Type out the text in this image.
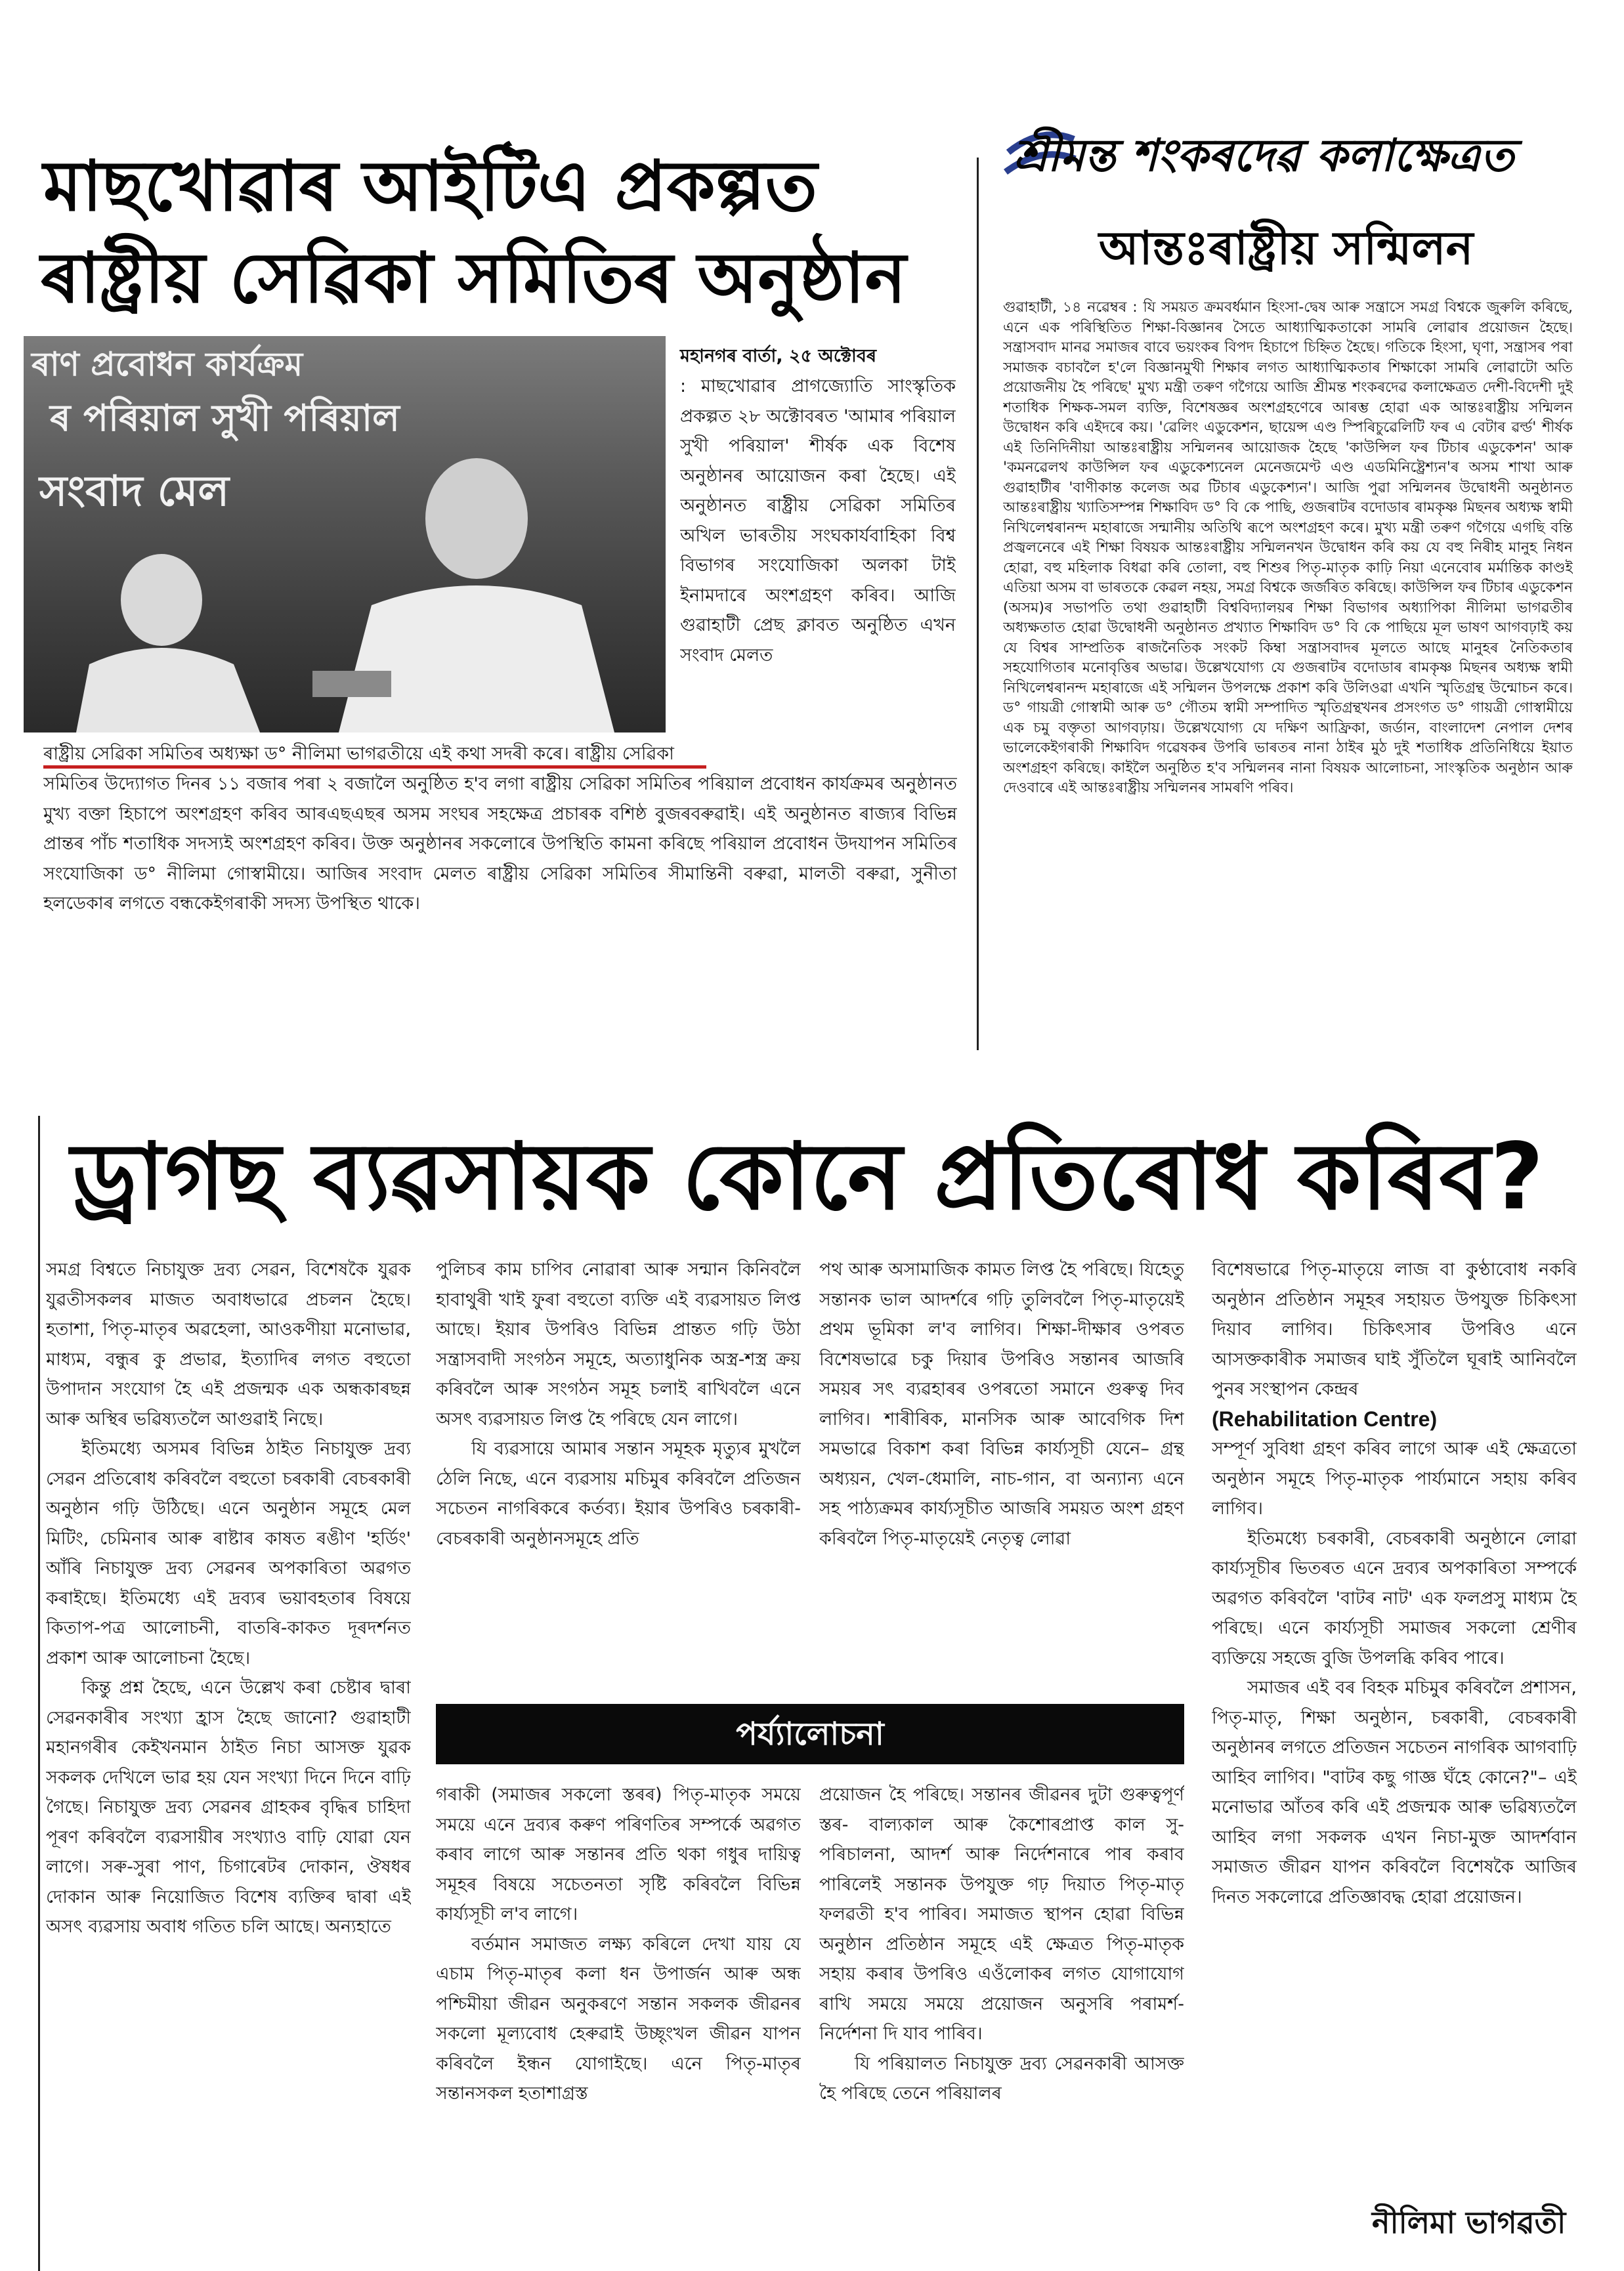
মাছখোৱাৰ আইটিএ প্ৰকল্পত
ৰাষ্ট্ৰীয় সেৱিকা সমিতিৰ অনুষ্ঠান
ৰাণ প্ৰবোধন কাৰ্যক্ৰম
ৰ পৰিয়াল সুখী পৰিয়াল
সংবাদ মেল
মহানগৰ বাৰ্তা, ২৫ অক্টোবৰ

: মাছখোৱাৰ প্ৰাগজ্যোতি সাংস্কৃতিক প্ৰকল্পত ২৮ অক্টোবৰত 'আমাৰ পৰিয়াল সুখী পৰিয়াল' শীৰ্ষক এক বিশেষ অনুষ্ঠানৰ আয়োজন কৰা হৈছে। এই অনুষ্ঠানত ৰাষ্ট্ৰীয় সেৱিকা সমিতিৰ অখিল ভাৰতীয় সংঘকাৰ্যবাহিকা বিশ্ব বিভাগৰ সংযোজিকা অলকা টাই ইনামদাৰে অংশগ্ৰহণ কৰিব। আজি গুৱাহাটী প্ৰেছ ক্লাবত অনুষ্ঠিত এখন সংবাদ মেলত

ৰাষ্ট্ৰীয় সেৱিকা সমিতিৰ অধ্যক্ষা ড° নীলিমা ভাগৱতীয়ে এই কথা সদৰী কৰে। ৰাষ্ট্ৰীয় সেৱিকা

সমিতিৰ উদ্যোগত দিনৰ ১১ বজাৰ পৰা ২ বজালৈ অনুষ্ঠিত হ'ব লগা ৰাষ্ট্ৰীয় সেৱিকা সমিতিৰ পৰিয়াল প্ৰবোধন কাৰ্যক্ৰমৰ অনুষ্ঠানত মুখ্য বক্তা হিচাপে অংশগ্ৰহণ কৰিব আৰএছএছৰ অসম সংঘৰ সহক্ষেত্ৰ প্ৰচাৰক বশিষ্ঠ বুজৰবৰুৱাই। এই অনুষ্ঠানত ৰাজ্যৰ বিভিন্ন প্ৰান্তৰ পাঁচ শতাধিক সদস্যই অংশগ্ৰহণ কৰিব। উক্ত অনুষ্ঠানৰ সকলোৰে উপস্থিতি কামনা কৰিছে পৰিয়াল প্ৰবোধন উদযাপন সমিতিৰ সংযোজিকা ড° নীলিমা গোস্বামীয়ে। আজিৰ সংবাদ মেলত ৰাষ্ট্ৰীয় সেৱিকা সমিতিৰ সীমান্তিনী বৰুৱা, মালতী বৰুৱা, সুনীতা হলডেকাৰ লগতে বন্ধকেইগৰাকী সদস্য উপস্থিত থাকে।

শ্ৰীমন্ত শংকৰদেৱ কলাক্ষেত্ৰত
আন্তঃৰাষ্ট্ৰীয় সন্মিলন

গুৱাহাটী, ১৪ নৱেম্বৰ : যি সময়ত ক্ৰমবৰ্ধমান হিংসা-দ্বেষ আৰু সন্ত্ৰাসে সমগ্ৰ বিশ্বকে জুৰুলি কৰিছে, এনে এক পৰিস্থিতিত শিক্ষা-বিজ্ঞানৰ সৈতে আধ্যাত্মিকতাকো সামৰি লোৱাৰ প্ৰয়োজন হৈছে। সন্ত্ৰাসবাদ মানৱ সমাজৰ বাবে ভয়ংকৰ বিপদ হিচাপে চিহ্নিত হৈছে। গতিকে হিংসা, ঘৃণা, সন্ত্ৰাসৰ পৰা সমাজক বচাবলৈ হ'লে বিজ্ঞানমুখী শিক্ষাৰ লগত আধ্যাত্মিকতাৰ শিক্ষাকো সামৰি লোৱাটো অতি প্ৰয়োজনীয় হৈ পৰিছে' মুখ্য মন্ত্ৰী তৰুণ গগৈয়ে আজি শ্ৰীমন্ত শংকৰদেৱ কলাক্ষেত্ৰত দেশী-বিদেশী দুই শতাধিক শিক্ষক-সমল ব্যক্তি, বিশেষজ্ঞৰ অংশগ্ৰহণেৰে আৰম্ভ হোৱা এক আন্তঃৰাষ্ট্ৰীয় সন্মিলন উদ্বোধন কৰি এইদৰে কয়। 'ৱেলিং এডুকেশন, ছায়েন্স এণ্ড স্পিৰিচুৱেলিটি ফৰ এ বেটাৰ ৱৰ্ল্ড' শীৰ্ষক এই তিনিদিনীয়া আন্তঃৰাষ্ট্ৰীয় সন্মিলনৰ আয়োজক হৈছে 'কাউন্সিল ফৰ টিচাৰ এডুকেশন' আৰু 'কমনৱেলথ কাউন্সিল ফৰ এডুকেশ্যনেল মেনেজমেণ্ট এণ্ড এডমিনিষ্ট্ৰেশ্যন'ৰ অসম শাখা আৰু গুৱাহাটীৰ 'বাণীকান্ত কলেজ অৱ টিচাৰ এডুকেশ্যন'। আজি পুৱা সন্মিলনৰ উদ্বোধনী অনুষ্ঠানত আন্তঃৰাষ্ট্ৰীয় খ্যাতিসম্পন্ন শিক্ষাবিদ ড° বি কে পাছি, গুজৰাটৰ বদোডাৰ ৰামকৃষ্ণ মিছনৰ অধ্যক্ষ স্বামী নিখিলেশ্বৰানন্দ মহাৰাজে সন্মানীয় অতিথি ৰূপে অংশগ্ৰহণ কৰে। মুখ্য মন্ত্ৰী তৰুণ গগৈয়ে এগছি বন্তি প্ৰজ্বলনেৰে এই শিক্ষা বিষয়ক আন্তঃৰাষ্ট্ৰীয় সন্মিলনখন উদ্বোধন কৰি কয় যে বহু নিৰীহ মানুহ নিধন হোৱা, বহু মহিলাক বিধৱা কৰি তোলা, বহু শিশুৰ পিতৃ-মাতৃক কাঢ়ি নিয়া এনেবোৰ মৰ্মান্তিক কাণ্ডই এতিয়া অসম বা ভাৰতকে কেৱল নহয়, সমগ্ৰ বিশ্বকে জৰ্জৰিত কৰিছে। কাউন্সিল ফৰ টিচাৰ এডুকেশন (অসম)ৰ সভাপতি তথা গুৱাহাটী বিশ্ববিদ্যালয়ৰ শিক্ষা বিভাগৰ অধ্যাপিকা নীলিমা ভাগৱতীৰ অধ্যক্ষতাত হোৱা উদ্বোধনী অনুষ্ঠানত প্ৰখ্যাত শিক্ষাবিদ ড° বি কে পাছিয়ে মূল ভাষণ আগবঢ়াই কয় যে বিশ্বৰ সাম্প্ৰতিক ৰাজনৈতিক সংকট কিম্বা সন্ত্ৰাসবাদৰ মূলতে আছে মানুহৰ নৈতিকতাৰ সহযোগিতাৰ মনোবৃত্তিৰ অভাৱ। উল্লেখযোগ্য যে গুজৰাটৰ বদোডাৰ ৰামকৃষ্ণ মিছনৰ অধ্যক্ষ স্বামী নিখিলেশ্বৰানন্দ মহাৰাজে এই সন্মিলন উপলক্ষে প্ৰকাশ কৰি উলিওৱা এখনি স্মৃতিগ্ৰন্থ উন্মোচন কৰে। ড° গায়ত্ৰী গোস্বামী আৰু ড° গৌতম স্বামী সম্পাদিত স্মৃতিগ্ৰন্থখনৰ প্ৰসংগত ড° গায়ত্ৰী গোস্বামীয়ে এক চমু বক্তৃতা আগবঢ়ায়। উল্লেখযোগ্য যে দক্ষিণ আফ্ৰিকা, জৰ্ডান, বাংলাদেশ নেপাল দেশৰ ভালেকেইগৰাকী শিক্ষাবিদ গৱেষকৰ উপৰি ভাৰতৰ নানা ঠাইৰ মুঠ দুই শতাধিক প্ৰতিনিধিয়ে ইয়াত অংশগ্ৰহণ কৰিছে। কাইলৈ অনুষ্ঠিত হ'ব সন্মিলনৰ নানা বিষয়ক আলোচনা, সাংস্কৃতিক অনুষ্ঠান আৰু দেওবাৰে এই আন্তঃৰাষ্ট্ৰীয় সন্মিলনৰ সামৰণি পৰিব।

ড্ৰাগছ ব্যৱসায়ক কোনে প্ৰতিৰোধ কৰিব?

সমগ্ৰ বিশ্বতে নিচাযুক্ত দ্ৰব্য সেৱন, বিশেষকৈ যুৱক যুৱতীসকলৰ মাজত অবাধভাৱে প্ৰচলন হৈছে। হতাশা, পিতৃ-মাতৃৰ অৱহেলা, আওকণীয়া মনোভাৱ, মাধ্যম, বন্ধুৰ কু প্ৰভাৱ, ইত্যাদিৰ লগত বহুতো উপাদান সংযোগ হৈ এই প্ৰজন্মক এক অন্ধকাৰছন্ন আৰু অস্থিৰ ভৱিষ্যতলৈ আগুৱাই নিছে।

ইতিমধ্যে অসমৰ বিভিন্ন ঠাইত নিচাযুক্ত দ্ৰব্য সেৱন প্ৰতিৰোধ কৰিবলৈ বহুতো চৰকাৰী বেচৰকাৰী অনুষ্ঠান গঢ়ি উঠিছে। এনে অনুষ্ঠান সমূহে মেল মিটিং, চেমিনাৰ আৰু ৰাষ্টাৰ কাষত ৰঙীণ 'হৰ্ডিং' আঁৰি নিচাযুক্ত দ্ৰব্য সেৱনৰ অপকাৰিতা অৱগত কৰাইছে। ইতিমধ্যে এই দ্ৰব্যৰ ভয়াবহতাৰ বিষয়ে কিতাপ-পত্ৰ আলোচনী, বাতৰি-কাকত দূৰদৰ্শনত প্ৰকাশ আৰু আলোচনা হৈছে।

কিন্তু প্ৰশ্ন হৈছে, এনে উল্লেখ কৰা চেষ্টাৰ দ্বাৰা সেৱনকাৰীৰ সংখ্যা হ্ৰাস হৈছে জানো? গুৱাহাটী মহানগৰীৰ কেইখনমান ঠাইত নিচা আসক্ত যুৱক সকলক দেখিলে ভাৱ হয় যেন সংখ্যা দিনে দিনে বাঢ়ি গৈছে। নিচাযুক্ত দ্ৰব্য সেৱনৰ গ্ৰাহকৰ বৃদ্ধিৰ চাহিদা পূৰণ কৰিবলৈ ব্যৱসায়ীৰ সংখ্যাও বাঢ়ি যোৱা যেন লাগে। সৰু-সুৰা পাণ, চিগাৰেটৰ দোকান, ঔষধৰ দোকান আৰু নিয়োজিত বিশেষ ব্যক্তিৰ দ্বাৰা এই অসৎ ব্যৱসায় অবাধ গতিত চলি আছে। অন্যহাতে

পুলিচৰ কাম চাপিব নোৱাৰা আৰু সন্মান কিনিবলৈ হাবাথুৰী খাই ফুৰা বহুতো ব্যক্তি এই ব্যৱসায়ত লিপ্ত আছে। ইয়াৰ উপৰিও বিভিন্ন প্ৰান্তত গঢ়ি উঠা সন্ত্ৰাসবাদী সংগঠন সমূহে, অত্যাধুনিক অস্ত্ৰ-শস্ত্ৰ ক্ৰয় কৰিবলৈ আৰু সংগঠন সমূহ চলাই ৰাখিবলৈ এনে অসৎ ব্যৱসায়ত লিপ্ত হৈ পৰিছে যেন লাগে।

যি ব্যৱসায়ে আমাৰ সন্তান সমূহক মৃত্যুৰ মুখলৈ ঠেলি নিছে, এনে ব্যৱসায় মচিমুৰ কৰিবলৈ প্ৰতিজন সচেতন নাগৰিকৰে কৰ্তব্য। ইয়াৰ উপৰিও চৰকাৰী-বেচৰকাৰী অনুষ্ঠানসমূহে প্ৰতি

পথ আৰু অসামাজিক কামত লিপ্ত হৈ পৰিছে। যিহেতু সন্তানক ভাল আদৰ্শৰে গঢ়ি তুলিবলৈ পিতৃ-মাতৃয়েই প্ৰথম ভূমিকা ল'ব লাগিব। শিক্ষা-দীক্ষাৰ ওপৰত বিশেষভাৱে চকু দিয়াৰ উপৰিও সন্তানৰ আজৰি সময়ৰ সৎ ব্যৱহাৰৰ ওপৰতো সমানে গুৰুত্ব দিব লাগিব। শাৰীৰিক, মানসিক আৰু আবেগিক দিশ সমভাৱে বিকাশ কৰা বিভিন্ন কাৰ্য্যসূচী যেনে– গ্ৰন্থ অধ্যয়ন, খেল-ধেমালি, নাচ-গান, বা অন্যান্য এনে সহ পাঠ্যক্ৰমৰ কাৰ্য্যসূচীত আজৰি সময়ত অংশ গ্ৰহণ কৰিবলৈ পিতৃ-মাতৃয়েই নেতৃত্ব লোৱা

পৰ্য্যালোচনা

গৰাকী (সমাজৰ সকলো স্তৰৰ) পিতৃ-মাতৃক সময়ে সময়ে এনে দ্ৰব্যৰ কৰুণ পৰিণতিৰ সম্পৰ্কে অৱগত কৰাব লাগে আৰু সন্তানৰ প্ৰতি থকা গধুৰ দায়িত্ব সমূহৰ বিষয়ে সচেতনতা সৃষ্টি কৰিবলৈ বিভিন্ন কাৰ্য্যসূচী ল'ব লাগে।

বৰ্তমান সমাজত লক্ষ্য কৰিলে দেখা যায় যে এচাম পিতৃ-মাতৃৰ কলা ধন উপাৰ্জন আৰু অন্ধ পশ্চিমীয়া জীৱন অনুকৰণে সন্তান সকলক জীৱনৰ সকলো মূল্যবোধ হেৰুৱাই উচ্ছৃংখল জীৱন যাপন কৰিবলৈ ইন্ধন যোগাইছে। এনে পিতৃ-মাতৃৰ সন্তানসকল হতাশাগ্ৰস্ত

প্ৰয়োজন হৈ পৰিছে। সন্তানৰ জীৱনৰ দুটা গুৰুত্বপূৰ্ণ স্তৰ- বাল্যকাল আৰু কৈশোৰপ্ৰাপ্ত কাল সু-পৰিচালনা, আদৰ্শ আৰু নিৰ্দেশনাৰে পাৰ কৰাব পাৰিলেই সন্তানক উপযুক্ত গঢ় দিয়াত পিতৃ-মাতৃ ফলৱতী হ'ব পাৰিব। সমাজত স্থাপন হোৱা বিভিন্ন অনুষ্ঠান প্ৰতিষ্ঠান সমূহে এই ক্ষেত্ৰত পিতৃ-মাতৃক সহায় কৰাৰ উপৰিও এওঁলোকৰ লগত যোগাযোগ ৰাখি সময়ে সময়ে প্ৰয়োজন অনুসৰি পৰামৰ্শ-নিৰ্দেশনা দি যাব পাৰিব।

যি পৰিয়ালত নিচাযুক্ত দ্ৰব্য সেৱনকাৰী আসক্ত হৈ পৰিছে তেনে পৰিয়ালৰ

বিশেষভাৱে পিতৃ-মাতৃয়ে লাজ বা কুণ্ঠাবোধ নকৰি অনুষ্ঠান প্ৰতিষ্ঠান সমূহৰ সহায়ত উপযুক্ত চিকিৎসা দিয়াব লাগিব। চিকিৎসাৰ উপৰিও এনে আসক্তকাৰীক সমাজৰ ঘাই সুঁতিলৈ ঘূৰাই আনিবলৈ পুনৰ সংস্থাপন কেন্দ্ৰৰ

(Rehabilitation Centre)

সম্পূৰ্ণ সুবিধা গ্ৰহণ কৰিব লাগে আৰু এই ক্ষেত্ৰতো অনুষ্ঠান সমূহে পিতৃ-মাতৃক পাৰ্য্যমানে সহায় কৰিব লাগিব।

ইতিমধ্যে চৰকাৰী, বেচৰকাৰী অনুষ্ঠানে লোৱা কাৰ্য্যসূচীৰ ভিতৰত এনে দ্ৰব্যৰ অপকাৰিতা সম্পৰ্কে অৱগত কৰিবলৈ 'বাটৰ নাট' এক ফলপ্ৰসু মাধ্যম হৈ পৰিছে। এনে কাৰ্য্যসূচী সমাজৰ সকলো শ্ৰেণীৰ ব্যক্তিয়ে সহজে বুজি উপলব্ধি কৰিব পাৰে।

সমাজৰ এই বৰ বিহক মচিমুৰ কৰিবলৈ প্ৰশাসন, পিতৃ-মাতৃ, শিক্ষা অনুষ্ঠান, চৰকাৰী, বেচৰকাৰী অনুষ্ঠানৰ লগতে প্ৰতিজন সচেতন নাগৰিক আগবাঢ়ি আহিব লাগিব। "বাটৰ কছু গাজ্ঞ ঘঁহে কোনে?"– এই মনোভাৱ আঁতৰ কৰি এই প্ৰজন্মক আৰু ভৱিষ্যতলৈ আহিব লগা সকলক এখন নিচা-মুক্ত আদৰ্শবান সমাজত জীৱন যাপন কৰিবলৈ বিশেষকৈ আজিৰ দিনত সকলোৱে প্ৰতিজ্ঞাবদ্ধ হোৱা প্ৰয়োজন।

নীলিমা ভাগৱতী
